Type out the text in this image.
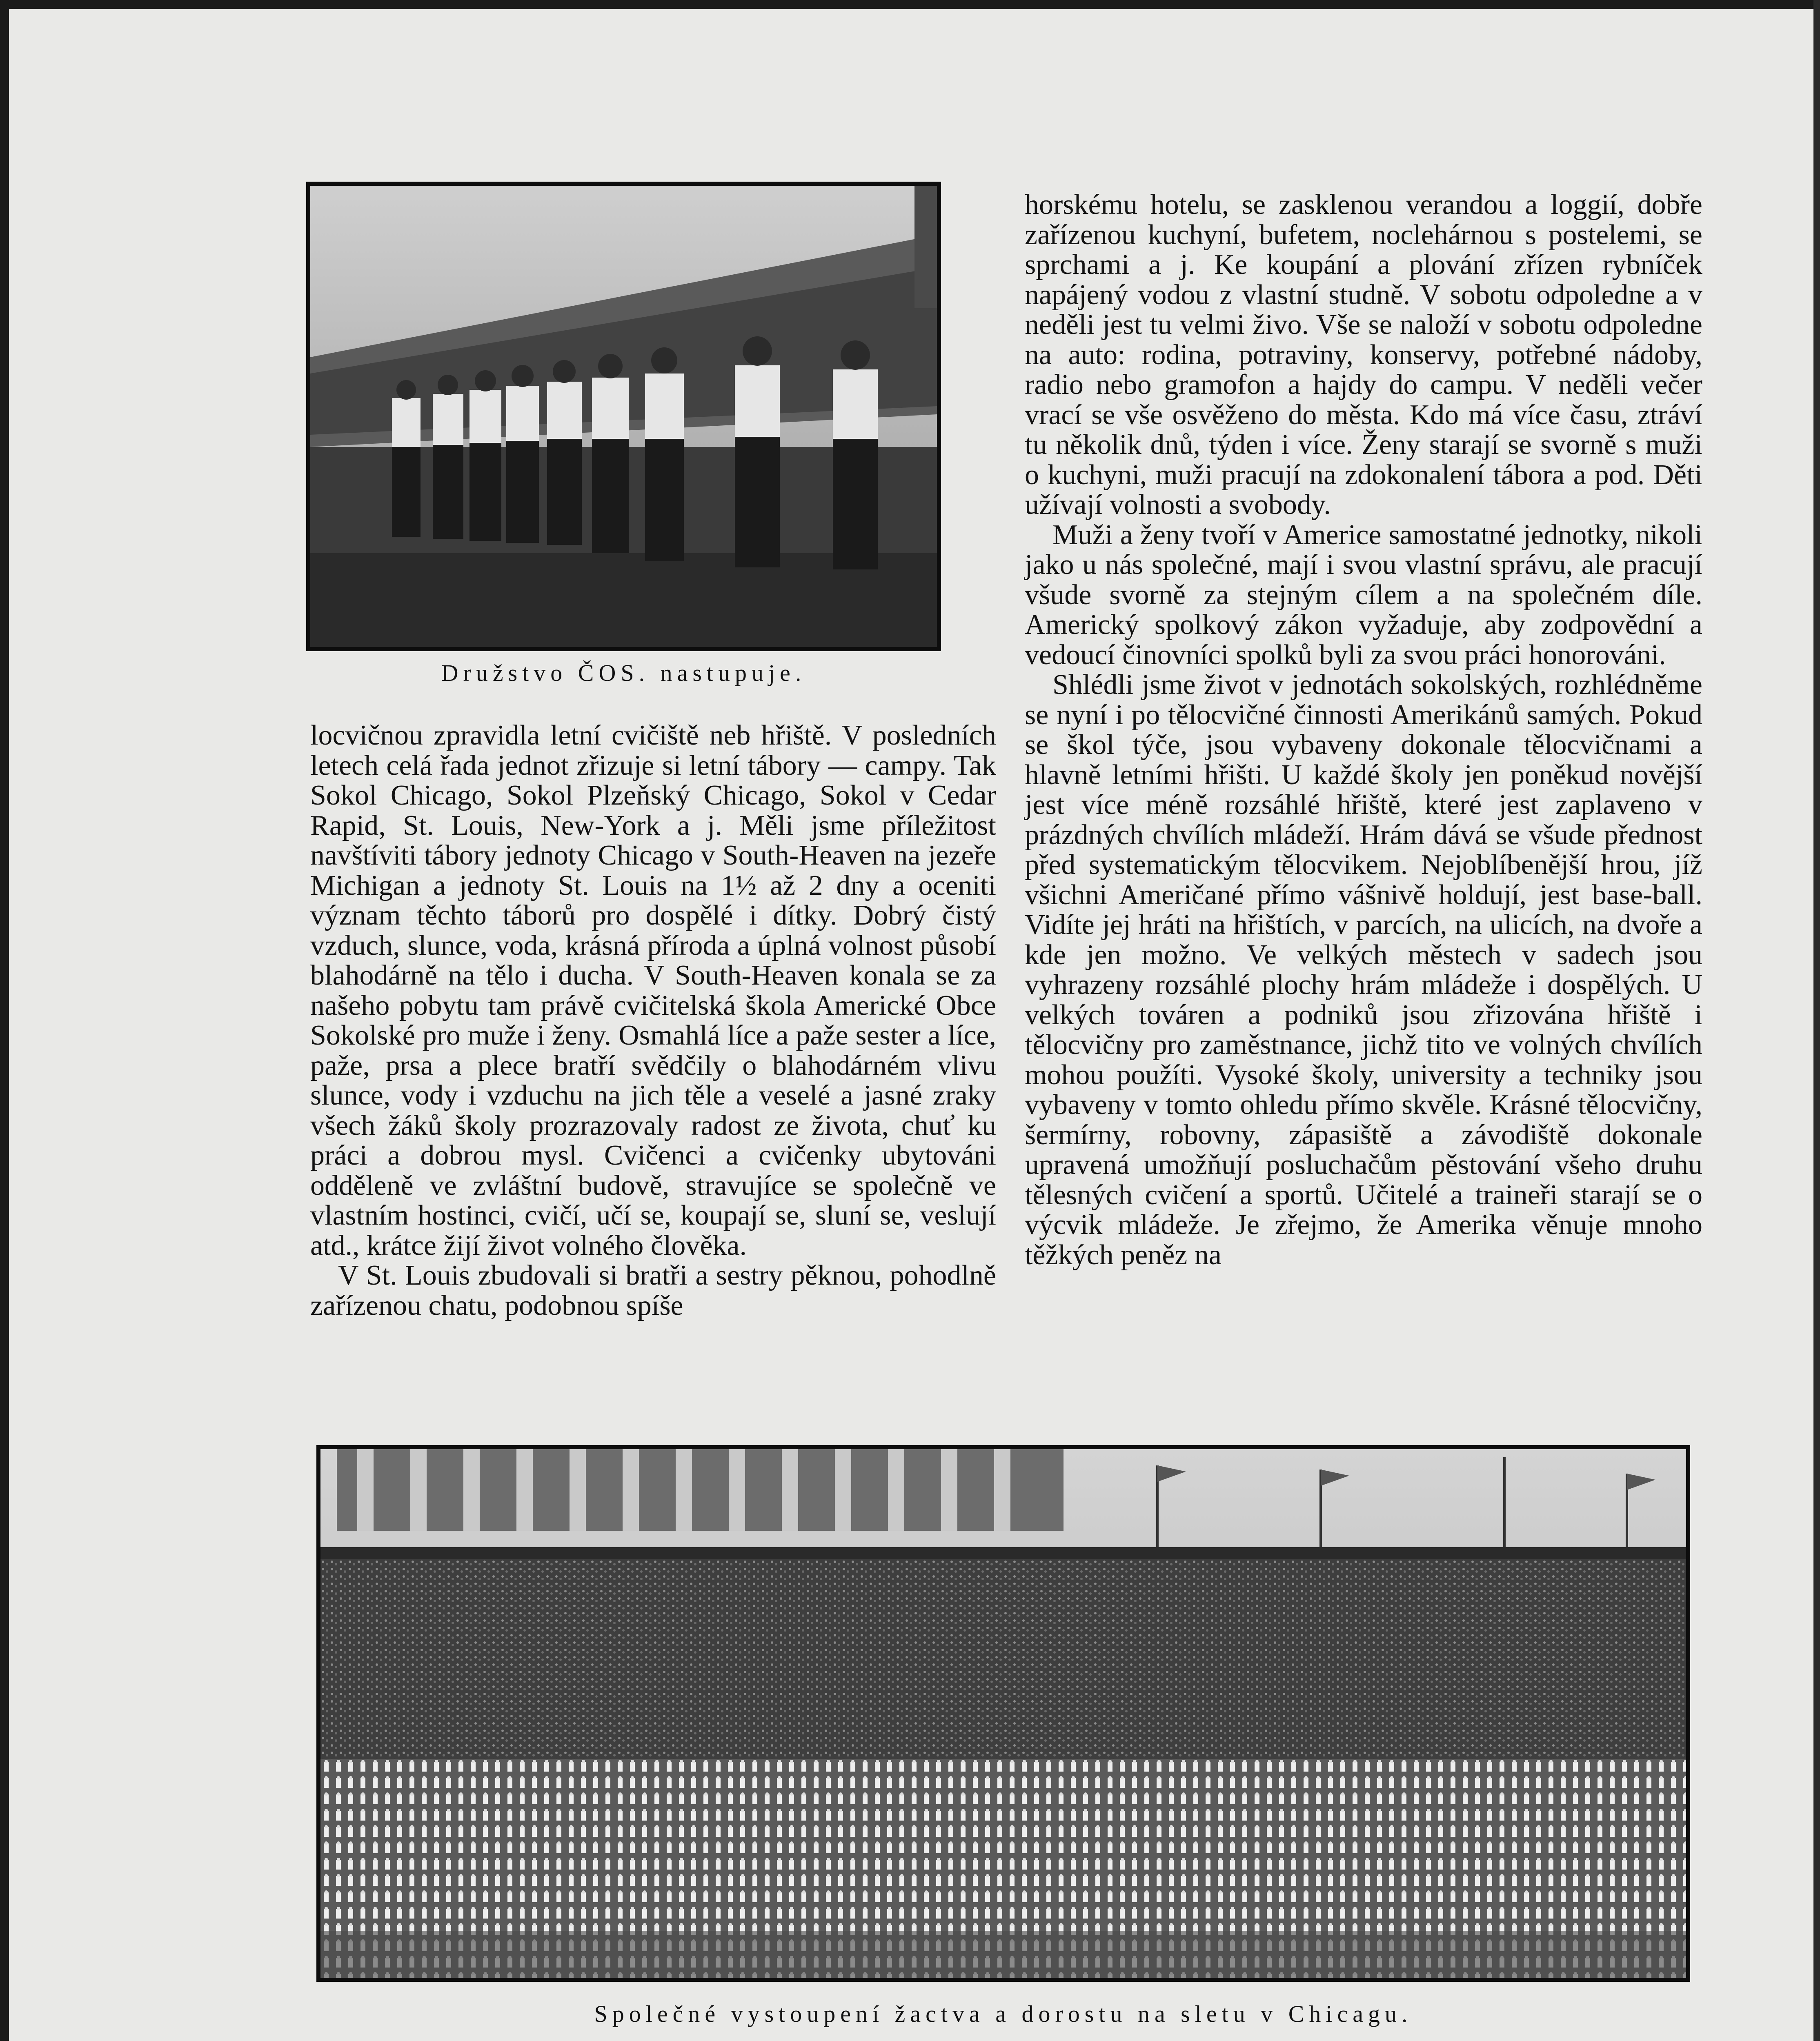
Družstvo ČOS. nastupuje.

locvičnou zpravidla letní cvičiště neb hřiště. V posledních letech celá řada jednot zřizuje si letní tábory — campy. Tak Sokol Chicago, Sokol Plzeňský Chicago, Sokol v Cedar Rapid, St. Louis, New-York a j. Měli jsme příležitost navštíviti tábory jednoty Chicago v South-Heaven na jezeře Michigan a jednoty St. Louis na 1½ až 2 dny a oceniti význam těchto táborů pro dospělé i dítky. Dobrý čistý vzduch, slunce, voda, krásná příroda a úplná volnost působí blahodárně na tělo i ducha. V South-Heaven konala se za našeho pobytu tam právě cvičitelská škola Americké Obce Sokolské pro muže i ženy. Osmahlá líce a paže sester a líce, paže, prsa a plece bratří svědčily o blahodárném vlivu slunce, vody i vzduchu na jich těle a veselé a jasné zraky všech žáků školy prozrazovaly radost ze života, chuť ku práci a dobrou mysl. Cvičenci a cvičenky ubytováni odděleně ve zvláštní budově, stravujíce se společně ve vlastním hostinci, cvičí, učí se, koupají se, sluní se, veslují atd., krátce žijí život volného člověka.

V St. Louis zbudovali si bratři a sestry pěknou, pohodlně zařízenou chatu, podobnou spíše

horskému hotelu, se zasklenou verandou a loggií, dobře zařízenou kuchyní, bufetem, noclehárnou s postelemi, se sprchami a j. Ke koupání a plování zřízen rybníček napájený vodou z vlastní studně. V sobotu odpoledne a v neděli jest tu velmi živo. Vše se naloží v sobotu odpoledne na auto: rodina, potraviny, konservy, potřebné nádoby, radio nebo gramofon a hajdy do campu. V neděli večer vrací se vše osvěženo do města. Kdo má více času, ztráví tu několik dnů, týden i více. Ženy starají se svorně s muži o kuchyni, muži pracují na zdokonalení tábora a pod. Děti užívají volnosti a svobody.

Muži a ženy tvoří v Americe samostatné jednotky, nikoli jako u nás společné, mají i svou vlastní správu, ale pracují všude svorně za stejným cílem a na společném díle. Americký spolkový zákon vyžaduje, aby zodpovědní a vedoucí činovníci spolků byli za svou práci honorováni.

Shlédli jsme život v jednotách sokolských, rozhlédněme se nyní i po tělocvičné činnosti Amerikánů samých. Pokud se škol týče, jsou vybaveny dokonale tělocvičnami a hlavně letními hřišti. U každé školy jen poněkud novější jest více méně rozsáhlé hřiště, které jest zaplaveno v prázdných chvílích mládeží. Hrám dává se všude přednost před systematickým tělocvikem. Nejoblíbenější hrou, jíž všichni Američané přímo vášnivě holdují, jest base-ball. Vidíte jej hráti na hřištích, v parcích, na ulicích, na dvoře a kde jen možno. Ve velkých městech v sadech jsou vyhrazeny rozsáhlé plochy hrám mládeže i dospělých. U velkých továren a podniků jsou zřizována hřiště i tělocvičny pro zaměstnance, jichž tito ve volných chvílích mohou použíti. Vysoké školy, university a techniky jsou vybaveny v tomto ohledu přímo skvěle. Krásné tělocvičny, šermírny, robovny, zápasiště a závodiště dokonale upravená umožňují posluchačům pěstování všeho druhu tělesných cvičení a sportů. Učitelé a traineři starají se o výcvik mládeže. Je zřejmo, že Amerika věnuje mnoho těžkých peněz na

Společné vystoupení žactva a dorostu na sletu v Chicagu.
